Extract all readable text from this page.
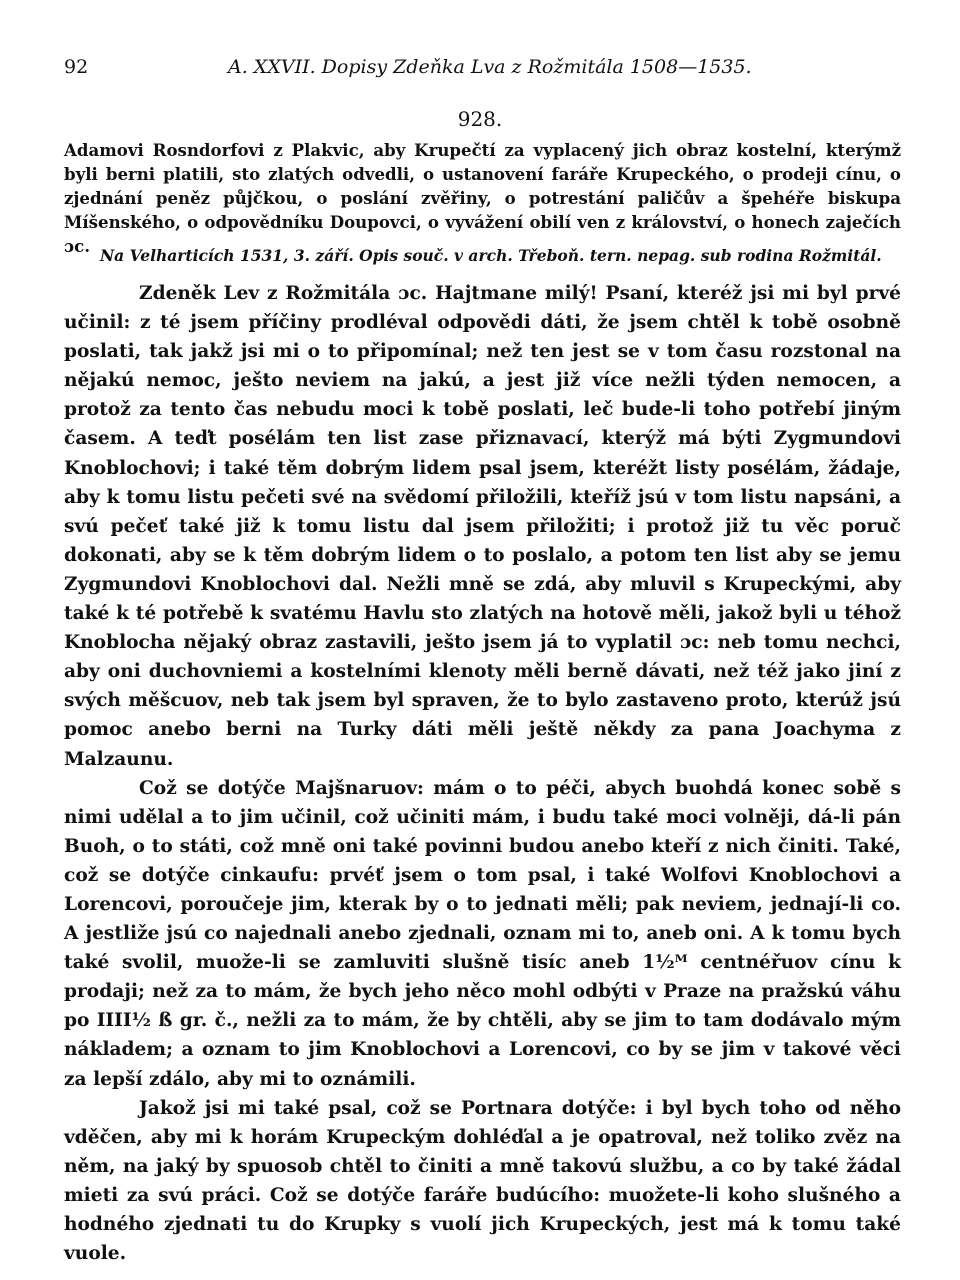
92	A. XXVII. Dopisy Zdeňka Lva z Rožmitála 1508—1535.
928.

Adamovi Rosndorfovi z Plakvic, aby Krupečtí za vyplacený jich obraz kostelní, kterýmž byli berni platili, sto zlatých odvedli, o ustanovení faráře Krupeckého, o prodeji cínu, o zjednání peněz půjčkou, o poslání zvěřiny, o potrestání paličův a špehéře biskupa Míšenského, o odpovědníku Doupovci, o vyvážení obilí ven z království, o honech zaječích ɔc. Na Velharticích 1531, 3. září. Opis souč. v arch. Třeboň. tern. nepag. sub rodina Rožmitál.

Zdeněk Lev z Rožmitála ɔc. Hajtmane milý! Psaní, kteréž jsi mi byl prvé učinil: z té jsem příčiny prodléval odpovědi dáti, že jsem chtěl k tobě osobně poslati, tak jakž jsi mi o to připomínal; než ten jest se v tom času rozstonal na nějakú nemoc, ješto neviem na jakú, a jest již více nežli týden nemocen, a protož za tento čas nebudu moci k tobě poslati, leč bude-li toho potřebí jiným časem. A teďt posélám ten list zase přiznavací, kterýž má býti Zygmundovi Knoblochovi; i také těm dobrým lidem psal jsem, kteréžt listy posélám, žádaje, aby k tomu listu pečeti své na svědomí přiložili, kteříž jsú v tom listu napsáni, a svú pečeť také již k tomu listu dal jsem přiložiti; i protož již tu věc poruč dokonati, aby se k těm dobrým lidem o to poslalo, a potom ten list aby se jemu Zygmundovi Knoblochovi dal. Nežli mně se zdá, aby mluvil s Krupeckými, aby také k té potřebě k svatému Havlu sto zlatých na hotově měli, jakož byli u téhož Knoblocha nějaký obraz zastavili, ješto jsem já to vyplatil ɔc: neb tomu nechci, aby oni duchovniemi a kostelními klenoty měli berně dávati, než též jako jiní z svých měšcuov, neb tak jsem byl spraven, že to bylo zastaveno proto, kterúž jsú pomoc anebo berni na Turky dáti měli ještě někdy za pana Joachyma z Malzaunu.

Což se dotýče Majšnaruov: mám o to péči, abych buohdá konec sobě s nimi udělal a to jim učinil, což učiniti mám, i budu také moci volněji, dá-li pán Buoh, o to státi, což mně oni také povinni budou anebo kteří z nich činiti. Také, což se dotýče cinkaufu: prvéť jsem o tom psal, i také Wolfovi Knoblochovi a Lorencovi, poroučeje jim, kterak by o to jednati měli; pak neviem, jednají-li co. A jestliže jsú co najednali anebo zjednali, oznam mi to, aneb oni. A k tomu bych také svolil, muože-li se zamluviti slušně tisíc aneb 1½ᴹ centnéřuov cínu k prodaji; než za to mám, že bych jeho něco mohl odbýti v Praze na pražskú váhu po IIII½ ß gr. č., nežli za to mám, že by chtěli, aby se jim to tam dodávalo mým nákladem; a oznam to jim Knoblochovi a Lorencovi, co by se jim v takové věci za lepší zdálo, aby mi to oznámili.

Jakož jsi mi také psal, což se Portnara dotýče: i byl bych toho od něho vděčen, aby mi k horám Krupeckým dohléďal a je opatroval, než toliko zvěz na něm, na jaký by spuosob chtěl to činiti a mně takovú službu, a co by také žádal mieti za svú práci. Což se dotýče faráře budúcího: muožete-li koho slušného a hodného zjednati tu do Krupky s vuolí jich Krupeckých, jest má k tomu také vuole.
